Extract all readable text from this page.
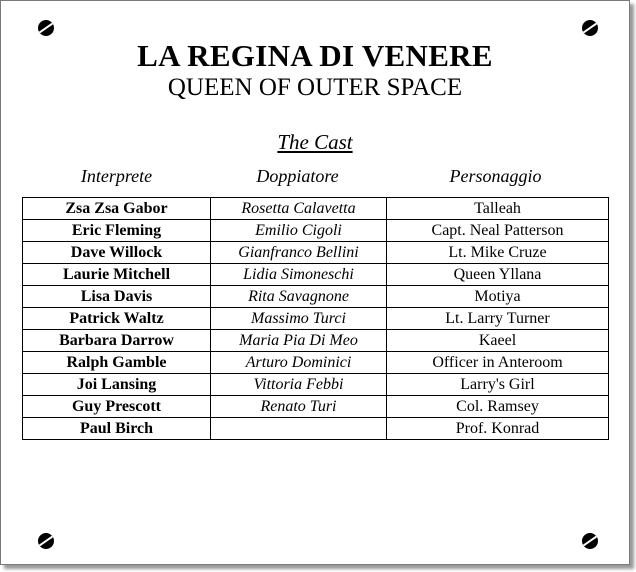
LA REGINA DI VENERE
QUEEN OF OUTER SPACE
The Cast
Interprete	Doppiatore	Personaggio
Zsa Zsa Gabor	Rosetta Calavetta	Talleah
Eric Fleming	Emilio Cigoli	Capt. Neal Patterson
Dave Willock	Gianfranco Bellini	Lt. Mike Cruze
Laurie Mitchell	Lidia Simoneschi	Queen Yllana
Lisa Davis	Rita Savagnone	Motiya
Patrick Waltz	Massimo Turci	Lt. Larry Turner
Barbara Darrow	Maria Pia Di Meo	Kaeel
Ralph Gamble	Arturo Dominici	Officer in Anteroom
Joi Lansing	Vittoria Febbi	Larry's Girl
Guy Prescott	Renato Turi	Col. Ramsey
Paul Birch		Prof. Konrad
